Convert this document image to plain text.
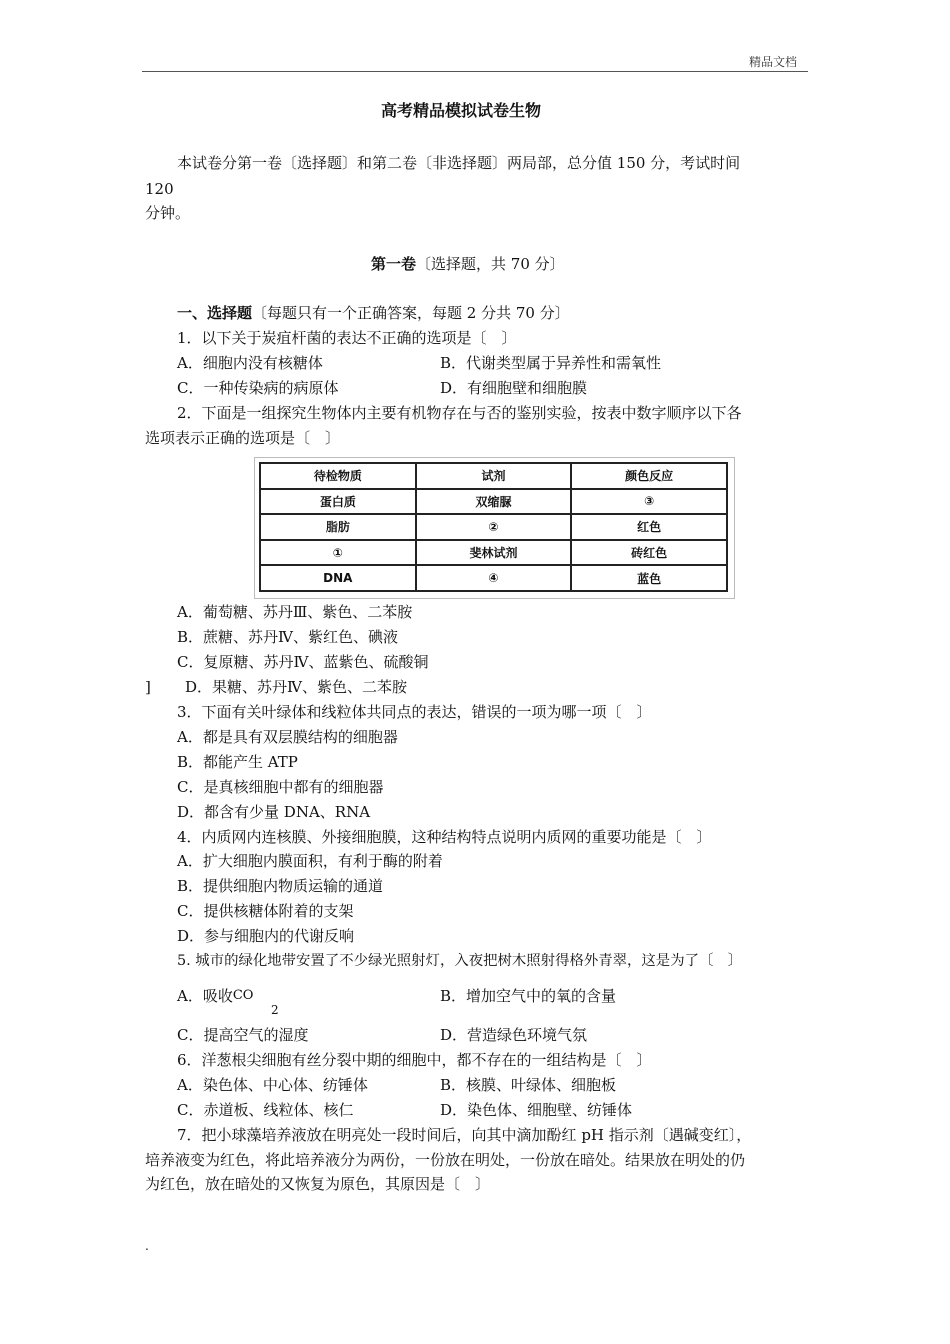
精品文档
高考精品模拟试卷生物
本试卷分第一卷〔选择题〕和第二卷〔非选择题〕两局部，总分值 150 分，考试时间
120
分钟。
第一卷〔选择题，共 70 分〕
一、选择题〔每题只有一个正确答案，每题 2 分共 70 分〕
1．以下关于炭疽杆菌的表达不正确的选项是〔　〕
A．细胞内没有核糖体	B．代谢类型属于异养性和需氧性
C．一种传染病的病原体	D．有细胞壁和细胞膜
2．下面是一组探究生物体内主要有机物存在与否的鉴别实验，按表中数字顺序以下各
选项表示正确的选项是〔　〕
待检物质	试剂	颜色反应
蛋白质	双缩脲	③
脂肪	②	红色
①	斐林试剂	砖红色
DNA	④	蓝色
A．葡萄糖、苏丹Ⅲ、紫色、二苯胺
B．蔗糖、苏丹Ⅳ、紫红色、碘液
C．复原糖、苏丹Ⅳ、蓝紫色、硫酸铜
] D．果糖、苏丹Ⅳ、紫色、二苯胺
3．下面有关叶绿体和线粒体共同点的表达，错误的一项为哪一项〔　〕
A．都是具有双层膜结构的细胞器
B．都能产生 ATP
C．是真核细胞中都有的细胞器
D．都含有少量 DNA、RNA
4．内质网内连核膜、外接细胞膜，这种结构特点说明内质网的重要功能是〔　〕
A．扩大细胞内膜面积，有利于酶的附着
B．提供细胞内物质运输的通道
C．提供核糖体附着的支架
D．参与细胞内的代谢反响
5. 城市的绿化地带安置了不少绿光照射灯，入夜把树木照射得格外青翠，这是为了〔　〕
A．吸收CO
2
B．增加空气中的氧的含量
C．提高空气的湿度	D．营造绿色环境气氛
6．洋葱根尖细胞有丝分裂中期的细胞中，都不存在的一组结构是〔　〕
A．染色体、中心体、纺锤体	B．核膜、叶绿体、细胞板
C．赤道板、线粒体、核仁	D．染色体、细胞壁、纺锤体
7．把小球藻培养液放在明亮处一段时间后，向其中滴加酚红 pH 指示剂〔遇碱变红〕，
培养液变为红色，将此培养液分为两份，一份放在明处，一份放在暗处。结果放在明处的仍
为红色，放在暗处的又恢复为原色，其原因是〔　〕
.
